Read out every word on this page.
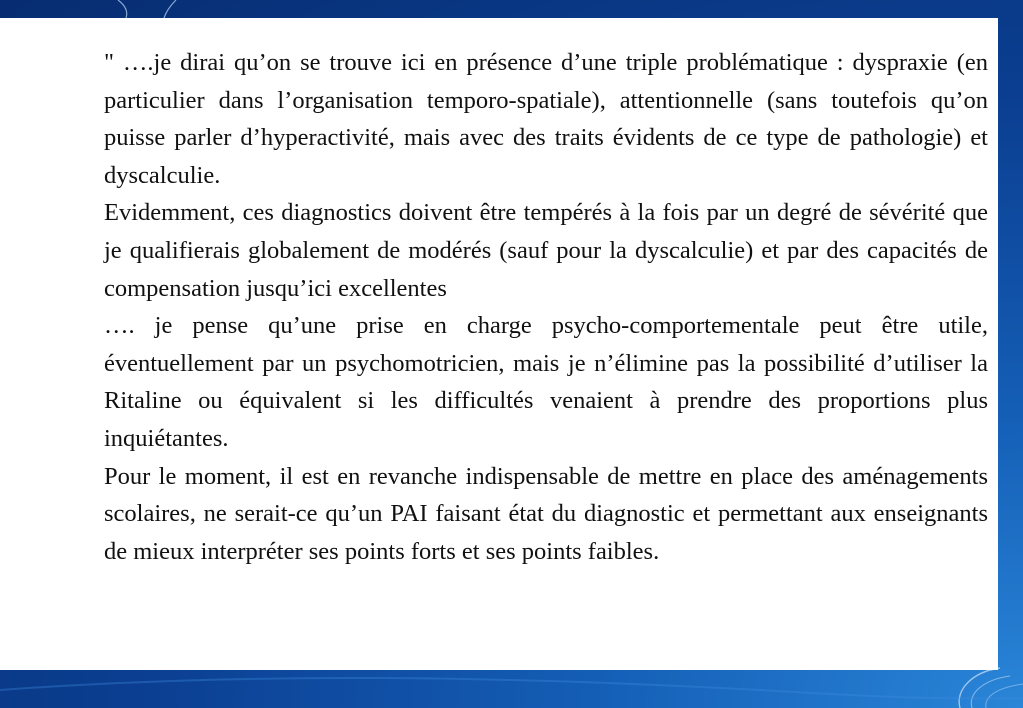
" ….je dirai qu’on se trouve ici en présence d’une triple problématique : dyspraxie (en particulier dans l’organisation temporo-spatiale), attentionnelle (sans toutefois qu’on puisse parler d’hyperactivité, mais avec des traits évidents de ce type de pathologie) et dyscalculie.

Evidemment, ces diagnostics doivent être tempérés à la fois par un degré de sévérité que je qualifierais globalement de modérés (sauf pour la dyscalculie) et par des capacités de compensation jusqu’ici excellentes

…. je pense qu’une prise en charge psycho-comportementale peut être utile, éventuellement par un psychomotricien, mais je n’élimine pas la possibilité d’utiliser la Ritaline ou équivalent si les difficultés venaient à prendre des proportions plus inquiétantes.

Pour le moment, il est en revanche indispensable de mettre en place des aménagements scolaires, ne serait-ce qu’un PAI faisant état du diagnostic et permettant aux enseignants de mieux interpréter ses points forts et ses points faibles.
